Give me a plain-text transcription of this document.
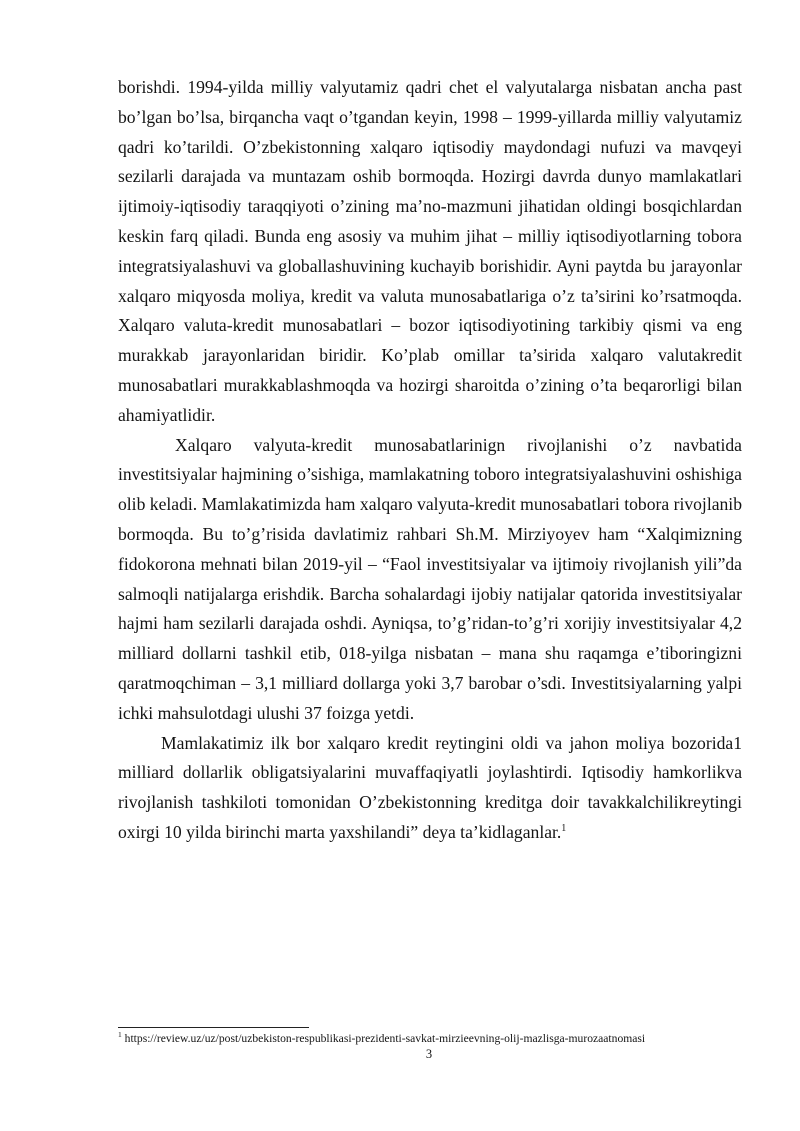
borishdi. 1994-yilda milliy valyutamiz qadri chet el valyutalarga nisbatan ancha past bo’lgan bo’lsa, birqancha vaqt o’tgandan keyin, 1998 – 1999-yillarda milliy valyutamiz qadri ko’tarildi. O’zbekistonning xalqaro iqtisodiy maydondagi nufuzi va mavqeyi sezilarli darajada va muntazam oshib bormoqda. Hozirgi davrda dunyo mamlakatlari ijtimoiy-iqtisodiy taraqqiyoti o’zining ma’no-mazmuni jihatidan oldingi bosqichlardan keskin farq qiladi. Bunda eng asosiy va muhim jihat – milliy iqtisodiyotlarning tobora integratsiyalashuvi va globallashuvining kuchayib borishidir. Ayni paytda bu jarayonlar xalqaro miqyosda moliya, kredit va valuta munosabatlariga o’z ta’sirini ko’rsatmoqda. Xalqaro valuta-kredit munosabatlari – bozor iqtisodiyotining tarkibiy qismi va eng murakkab jarayonlaridan biridir. Ko’plab omillar ta’sirida xalqaro valutakredit munosabatlari murakkablashmoqda va hozirgi sharoitda o’zining o’ta beqarorligi bilan ahamiyatlidir.

Xalqaro valyuta-kredit munosabatlarinign rivojlanishi o’z navbatida investitsiyalar hajmining o’sishiga, mamlakatning toboro integratsiyalashuvini oshishiga olib keladi. Mamlakatimizda ham xalqaro valyuta-kredit munosabatlari tobora rivojlanib bormoqda. Bu to’g’risida davlatimiz rahbari Sh.M. Mirziyoyev ham “Xalqimizning fidokorona mehnati bilan 2019-yil – “Faol investitsiyalar va ijtimoiy rivojlanish yili”da salmoqli natijalarga erishdik. Barcha sohalardagi ijobiy natijalar qatorida investitsiyalar hajmi ham sezilarli darajada oshdi. Ayniqsa, to’g’ridan-to’g’ri xorijiy investitsiyalar 4,2 milliard dollarni tashkil etib, 018-yilga nisbatan – mana shu raqamga e’tiboringizni qaratmoqchiman – 3,1 milliard dollarga yoki 3,7 barobar o’sdi. Investitsiyalarning yalpi ichki mahsulotdagi ulushi 37 foizga yetdi.

Mamlakatimiz ilk bor xalqaro kredit reytingini oldi va jahon moliya bozorida1 milliard dollarlik obligatsiyalarini muvaffaqiyatli joylashtirdi. Iqtisodiy hamkorlikva rivojlanish tashkiloti tomonidan O’zbekistonning kreditga doir tavakkalchilikreytingi oxirgi 10 yilda birinchi marta yaxshilandi” deya ta’kidlaganlar.$^1$

$^1$ https://review.uz/uz/post/uzbekiston-respublikasi-prezidenti-savkat-mirzieevning-olij-mazlisga-murozaatnomasi
3
